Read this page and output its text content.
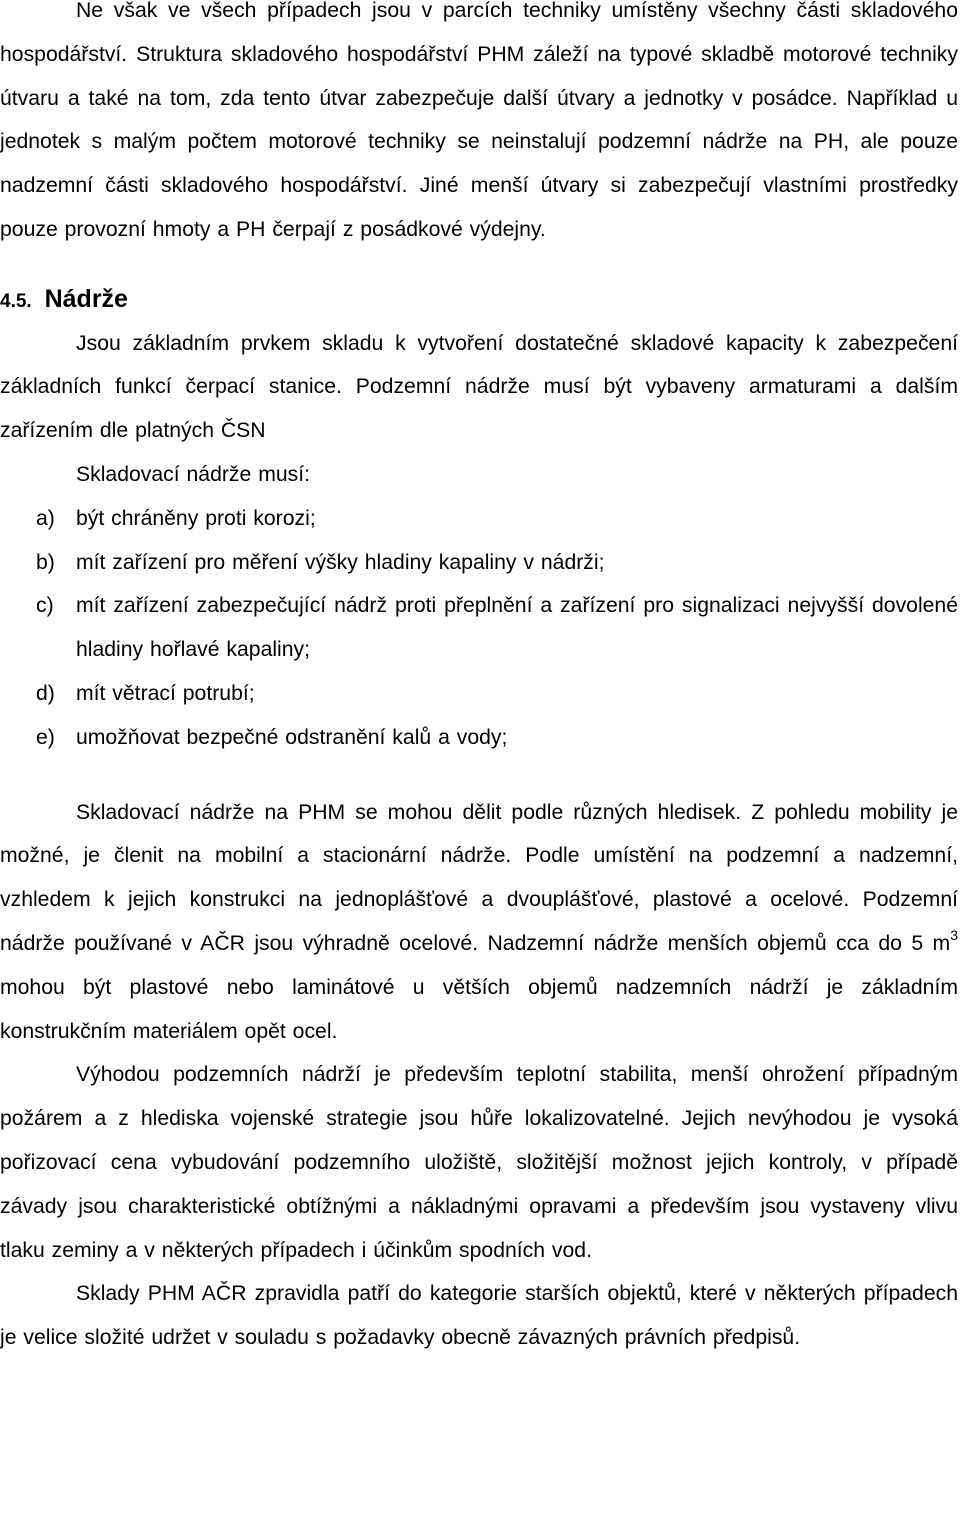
Ne však ve všech případech jsou v parcích techniky umístěny všechny části skladového hospodářství. Struktura skladového hospodářství PHM záleží na typové skladbě motorové techniky útvaru a také na tom, zda tento útvar zabezpečuje další útvary a jednotky v posádce. Například u jednotek s malým počtem motorové techniky se neinstalují podzemní nádrže na PH, ale pouze nadzemní části skladového hospodářství. Jiné menší útvary si zabezpečují vlastními prostředky pouze provozní hmoty a PH čerpají z posádkové výdejny.

4.5. Nádrže

Jsou základním prvkem skladu k vytvoření dostatečné skladové kapacity k zabezpečení základních funkcí čerpací stanice. Podzemní nádrže musí být vybaveny armaturami a dalším zařízením dle platných ČSN

Skladovací nádrže musí:
a) být chráněny proti korozi;
b) mít zařízení pro měření výšky hladiny kapaliny v nádrži;
c) mít zařízení zabezpečující nádrž proti přeplnění a zařízení pro signalizaci nejvyšší dovolené hladiny hořlavé kapaliny;
d) mít větrací potrubí;
e) umožňovat bezpečné odstranění kalů a vody;

Skladovací nádrže na PHM se mohou dělit podle různých hledisek. Z pohledu mobility je možné, je členit na mobilní a stacionární nádrže. Podle umístění na podzemní a nadzemní, vzhledem k jejich konstrukci na jednoplášťové a dvouplášťové, plastové a ocelové. Podzemní nádrže používané v AČR jsou výhradně ocelové. Nadzemní nádrže menších objemů cca do 5 $m^3$ mohou být plastové nebo laminátové u větších objemů nadzemních nádrží je základním konstrukčním materiálem opět ocel.

Výhodou podzemních nádrží je především teplotní stabilita, menší ohrožení případným požárem a z hlediska vojenské strategie jsou hůře lokalizovatelné. Jejich nevýhodou je vysoká pořizovací cena vybudování podzemního uložiště, složitější možnost jejich kontroly, v případě závady jsou charakteristické obtížnými a nákladnými opravami a především jsou vystaveny vlivu tlaku zeminy a v některých případech i účinkům spodních vod.

Sklady PHM AČR zpravidla patří do kategorie starších objektů, které v některých případech je velice složité udržet v souladu s požadavky obecně závazných právních předpisů.
